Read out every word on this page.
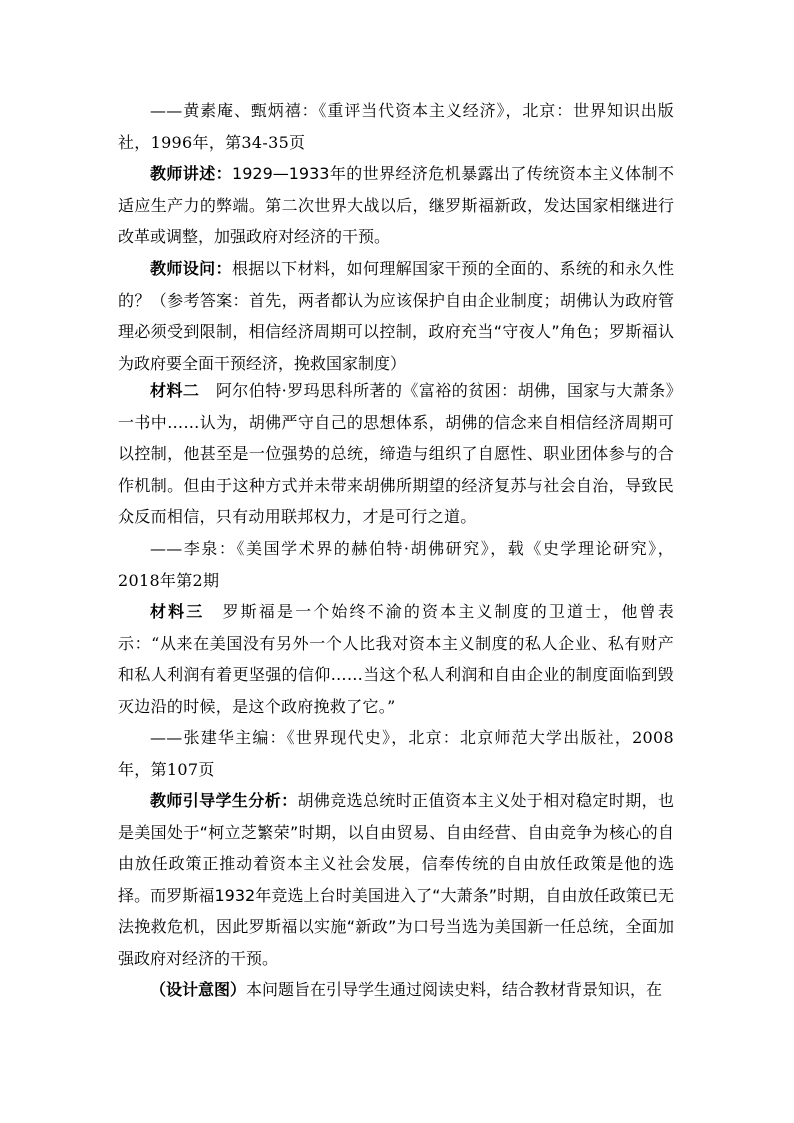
——黄素庵、甄炳禧：《重评当代资本主义经济》，北京：世界知识出版社，1996年，第34-35页
教师讲述：1929—1933年的世界经济危机暴露出了传统资本主义体制不适应生产力的弊端。第二次世界大战以后，继罗斯福新政，发达国家相继进行改革或调整，加强政府对经济的干预。
教师设问：根据以下材料，如何理解国家干预的全面的、系统的和永久性的？（参考答案：首先，两者都认为应该保护自由企业制度；胡佛认为政府管理必须受到限制，相信经济周期可以控制，政府充当“守夜人”角色；罗斯福认为政府要全面干预经济，挽救国家制度）
材料二　 阿尔伯特·罗玛思科所著的《富裕的贫困：胡佛，国家与大萧条》一书中……认为，胡佛严守自己的思想体系，胡佛的信念来自相信经济周期可以控制，他甚至是一位强势的总统，缔造与组织了自愿性、职业团体参与的合作机制。但由于这种方式并未带来胡佛所期望的经济复苏与社会自治，导致民众反而相信，只有动用联邦权力，才是可行之道。
——李泉：《美国学术界的赫伯特·胡佛研究》，载《史学理论研究》，2018年第2期
材料三　 罗斯福是一个始终不渝的资本主义制度的卫道士，他曾表示：“从来在美国没有另外一个人比我对资本主义制度的私人企业、私有财产和私人利润有着更坚强的信仰……当这个私人利润和自由企业的制度面临到毁灭边沿的时候，是这个政府挽救了它。”
——张建华主编：《世界现代史》，北京：北京师范大学出版社，2008年，第107页
教师引导学生分析：胡佛竞选总统时正值资本主义处于相对稳定时期，也是美国处于“柯立芝繁荣”时期，以自由贸易、自由经营、自由竞争为核心的自由放任政策正推动着资本主义社会发展，信奉传统的自由放任政策是他的选择。而罗斯福1932年竞选上台时美国进入了“大萧条”时期，自由放任政策已无法挽救危机，因此罗斯福以实施“新政”为口号当选为美国新一任总统，全面加强政府对经济的干预。
（设计意图）本问题旨在引导学生通过阅读史料，结合教材背景知识，在
